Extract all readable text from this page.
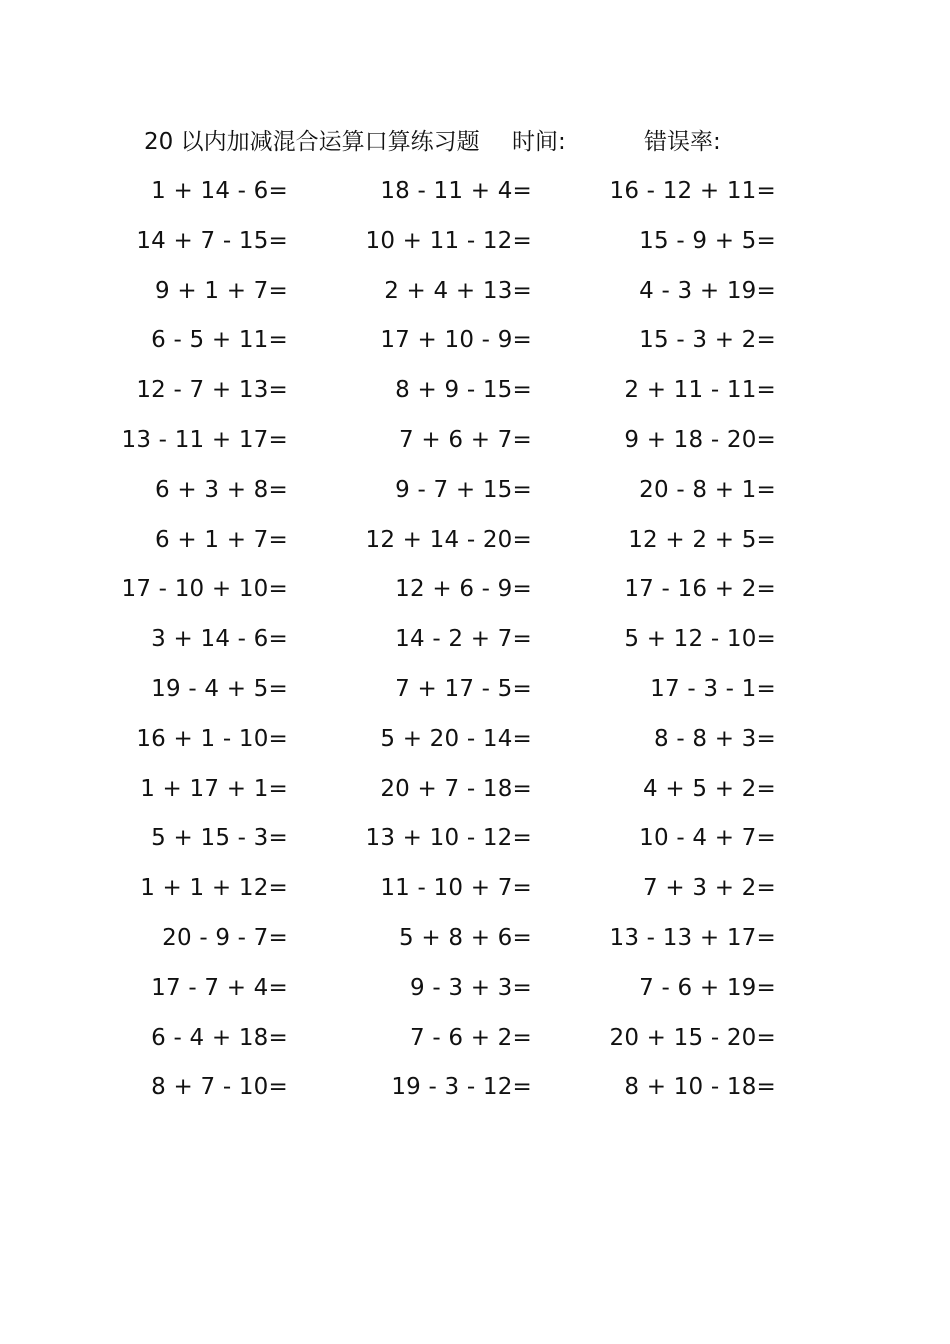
20 以内加减混合运算口算练习题 时间:	错误率:
1 + 14 - 6=	18 - 11 + 4=	16 - 12 + 11=
14 + 7 - 15=	10 + 11 - 12=	15 - 9 + 5=
9 + 1 + 7=	2 + 4 + 13=	4 - 3 + 19=
6 - 5 + 11=	17 + 10 - 9=	15 - 3 + 2=
12 - 7 + 13=	8 + 9 - 15=	2 + 11 - 11=
13 - 11 + 17=	7 + 6 + 7=	9 + 18 - 20=
6 + 3 + 8=	9 - 7 + 15=	20 - 8 + 1=
6 + 1 + 7=	12 + 14 - 20=	12 + 2 + 5=
17 - 10 + 10=	12 + 6 - 9=	17 - 16 + 2=
3 + 14 - 6=	14 - 2 + 7=	5 + 12 - 10=
19 - 4 + 5=	7 + 17 - 5=	17 - 3 - 1=
16 + 1 - 10=	5 + 20 - 14=	8 - 8 + 3=
1 + 17 + 1=	20 + 7 - 18=	4 + 5 + 2=
5 + 15 - 3=	13 + 10 - 12=	10 - 4 + 7=
1 + 1 + 12=	11 - 10 + 7=	7 + 3 + 2=
20 - 9 - 7=	5 + 8 + 6=	13 - 13 + 17=
17 - 7 + 4=	9 - 3 + 3=	7 - 6 + 19=
6 - 4 + 18=	7 - 6 + 2=	20 + 15 - 20=
8 + 7 - 10=	19 - 3 - 12=	8 + 10 - 18=
